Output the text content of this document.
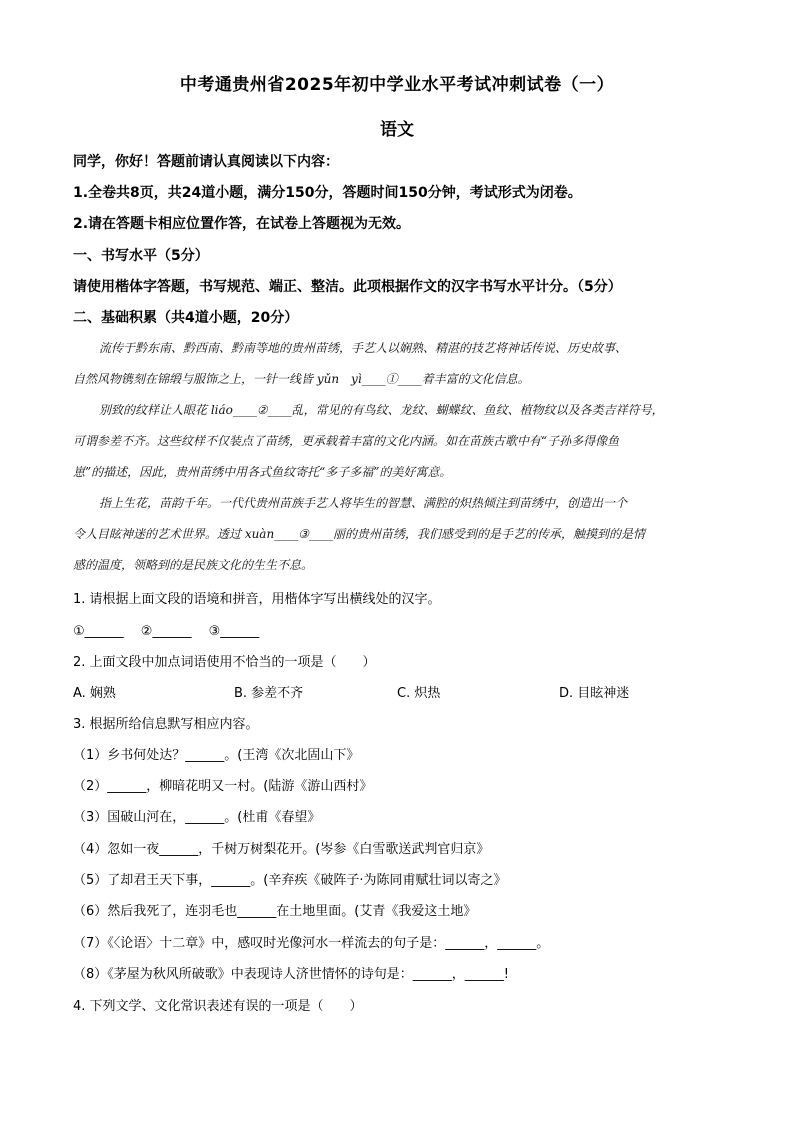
中考通贵州省2025年初中学业水平考试冲刺试卷（一）
语文
同学，你好！答题前请认真阅读以下内容：
1.全卷共8页，共24道小题，满分150分，答题时间150分钟，考试形式为闭卷。
2.请在答题卡相应位置作答，在试卷上答题视为无效。
一、书写水平（5分）
请使用楷体字答题，书写规范、端正、整洁。此项根据作文的汉字书写水平计分。（5分）
二、基础积累（共4道小题，20分）

流传于黔东南、黔西南、黔南等地的贵州苗绣，手艺人以娴熟、精湛的技艺将神话传说、历史故事、

自然风物镌刻在锦缎与服饰之上，一针一线皆 yǔn　yì____①____着丰富的文化信息。

别致的纹样让人眼花 liáo____②____乱，常见的有鸟纹、龙纹、蝴蝶纹、鱼纹、植物纹以及各类吉祥符号，

可谓参差不齐。这些纹样不仅装点了苗绣，更承载着丰富的文化内涵。如在苗族古歌中有“子孙多得像鱼

崽”的描述，因此，贵州苗绣中用各式鱼纹寄托“多子多福”的美好寓意。

指上生花，苗韵千年。一代代贵州苗族手艺人将毕生的智慧、满腔的炽热倾注到苗绣中，创造出一个

令人目眩神迷的艺术世界。透过 xuàn____③____丽的贵州苗绣，我们感受到的是手艺的传承，触摸到的是情

感的温度，领略到的是民族文化的生生不息。

1. 请根据上面文段的语境和拼音，用楷体字写出横线处的汉字。
①______　 ②______　 ③______
2. 上面文段中加点词语使用不恰当的一项是（　　）
A. 娴熟	B. 参差不齐	C. 炽热	D. 目眩神迷
3. 根据所给信息默写相应内容。
（1）乡书何处达？______。(王湾《次北固山下》
（2）______，柳暗花明又一村。(陆游《游山西村》
（3）国破山河在，______。(杜甫《春望》
（4）忽如一夜______，千树万树梨花开。(岑参《白雪歌送武判官归京》
（5）了却君王天下事，______。(辛弃疾《破阵子·为陈同甫赋壮词以寄之》
（6）然后我死了，连羽毛也______在土地里面。(艾青《我爱这土地》
（7）《〈论语〉十二章》中，感叹时光像河水一样流去的句子是：______，______。
（8）《茅屋为秋风所破歌》中表现诗人济世情怀的诗句是：______，______!
4. 下列文学、文化常识表述有误的一项是（　　）
